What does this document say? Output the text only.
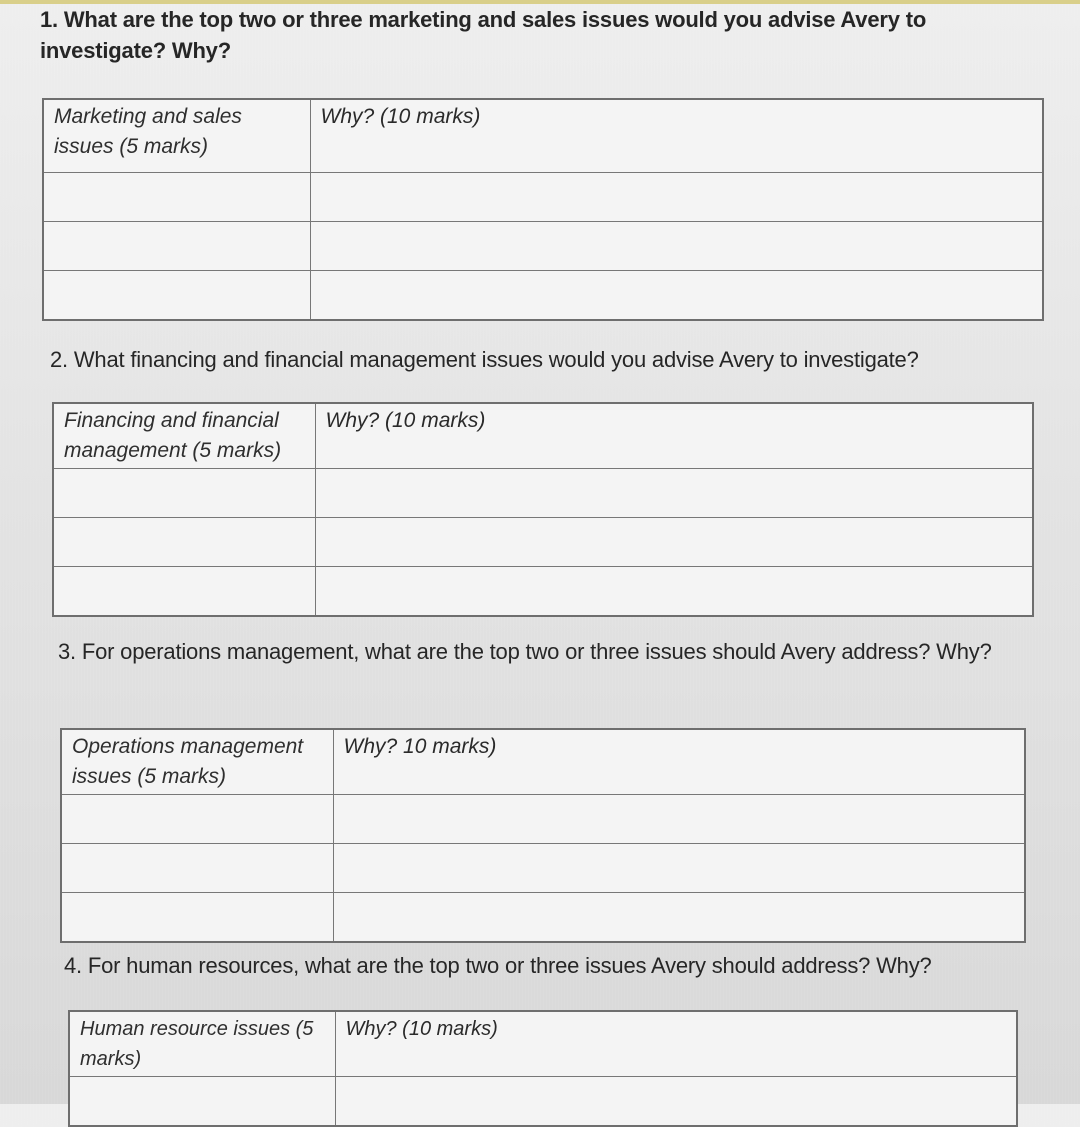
1. What are the top two or three marketing and sales issues would you advise Avery to investigate? Why?
Marketing and sales issues (5 marks)	Why? (10 marks)

2. What financing and financial management issues would you advise Avery to investigate?
Financing and financial management (5 marks)	Why? (10 marks)

3. For operations management, what are the top two or three issues should Avery address? Why?
Operations management issues (5 marks)	Why? 10 marks)

4. For human resources, what are the top two or three issues Avery should address? Why?
Human resource issues (5 marks)	Why? (10 marks)
